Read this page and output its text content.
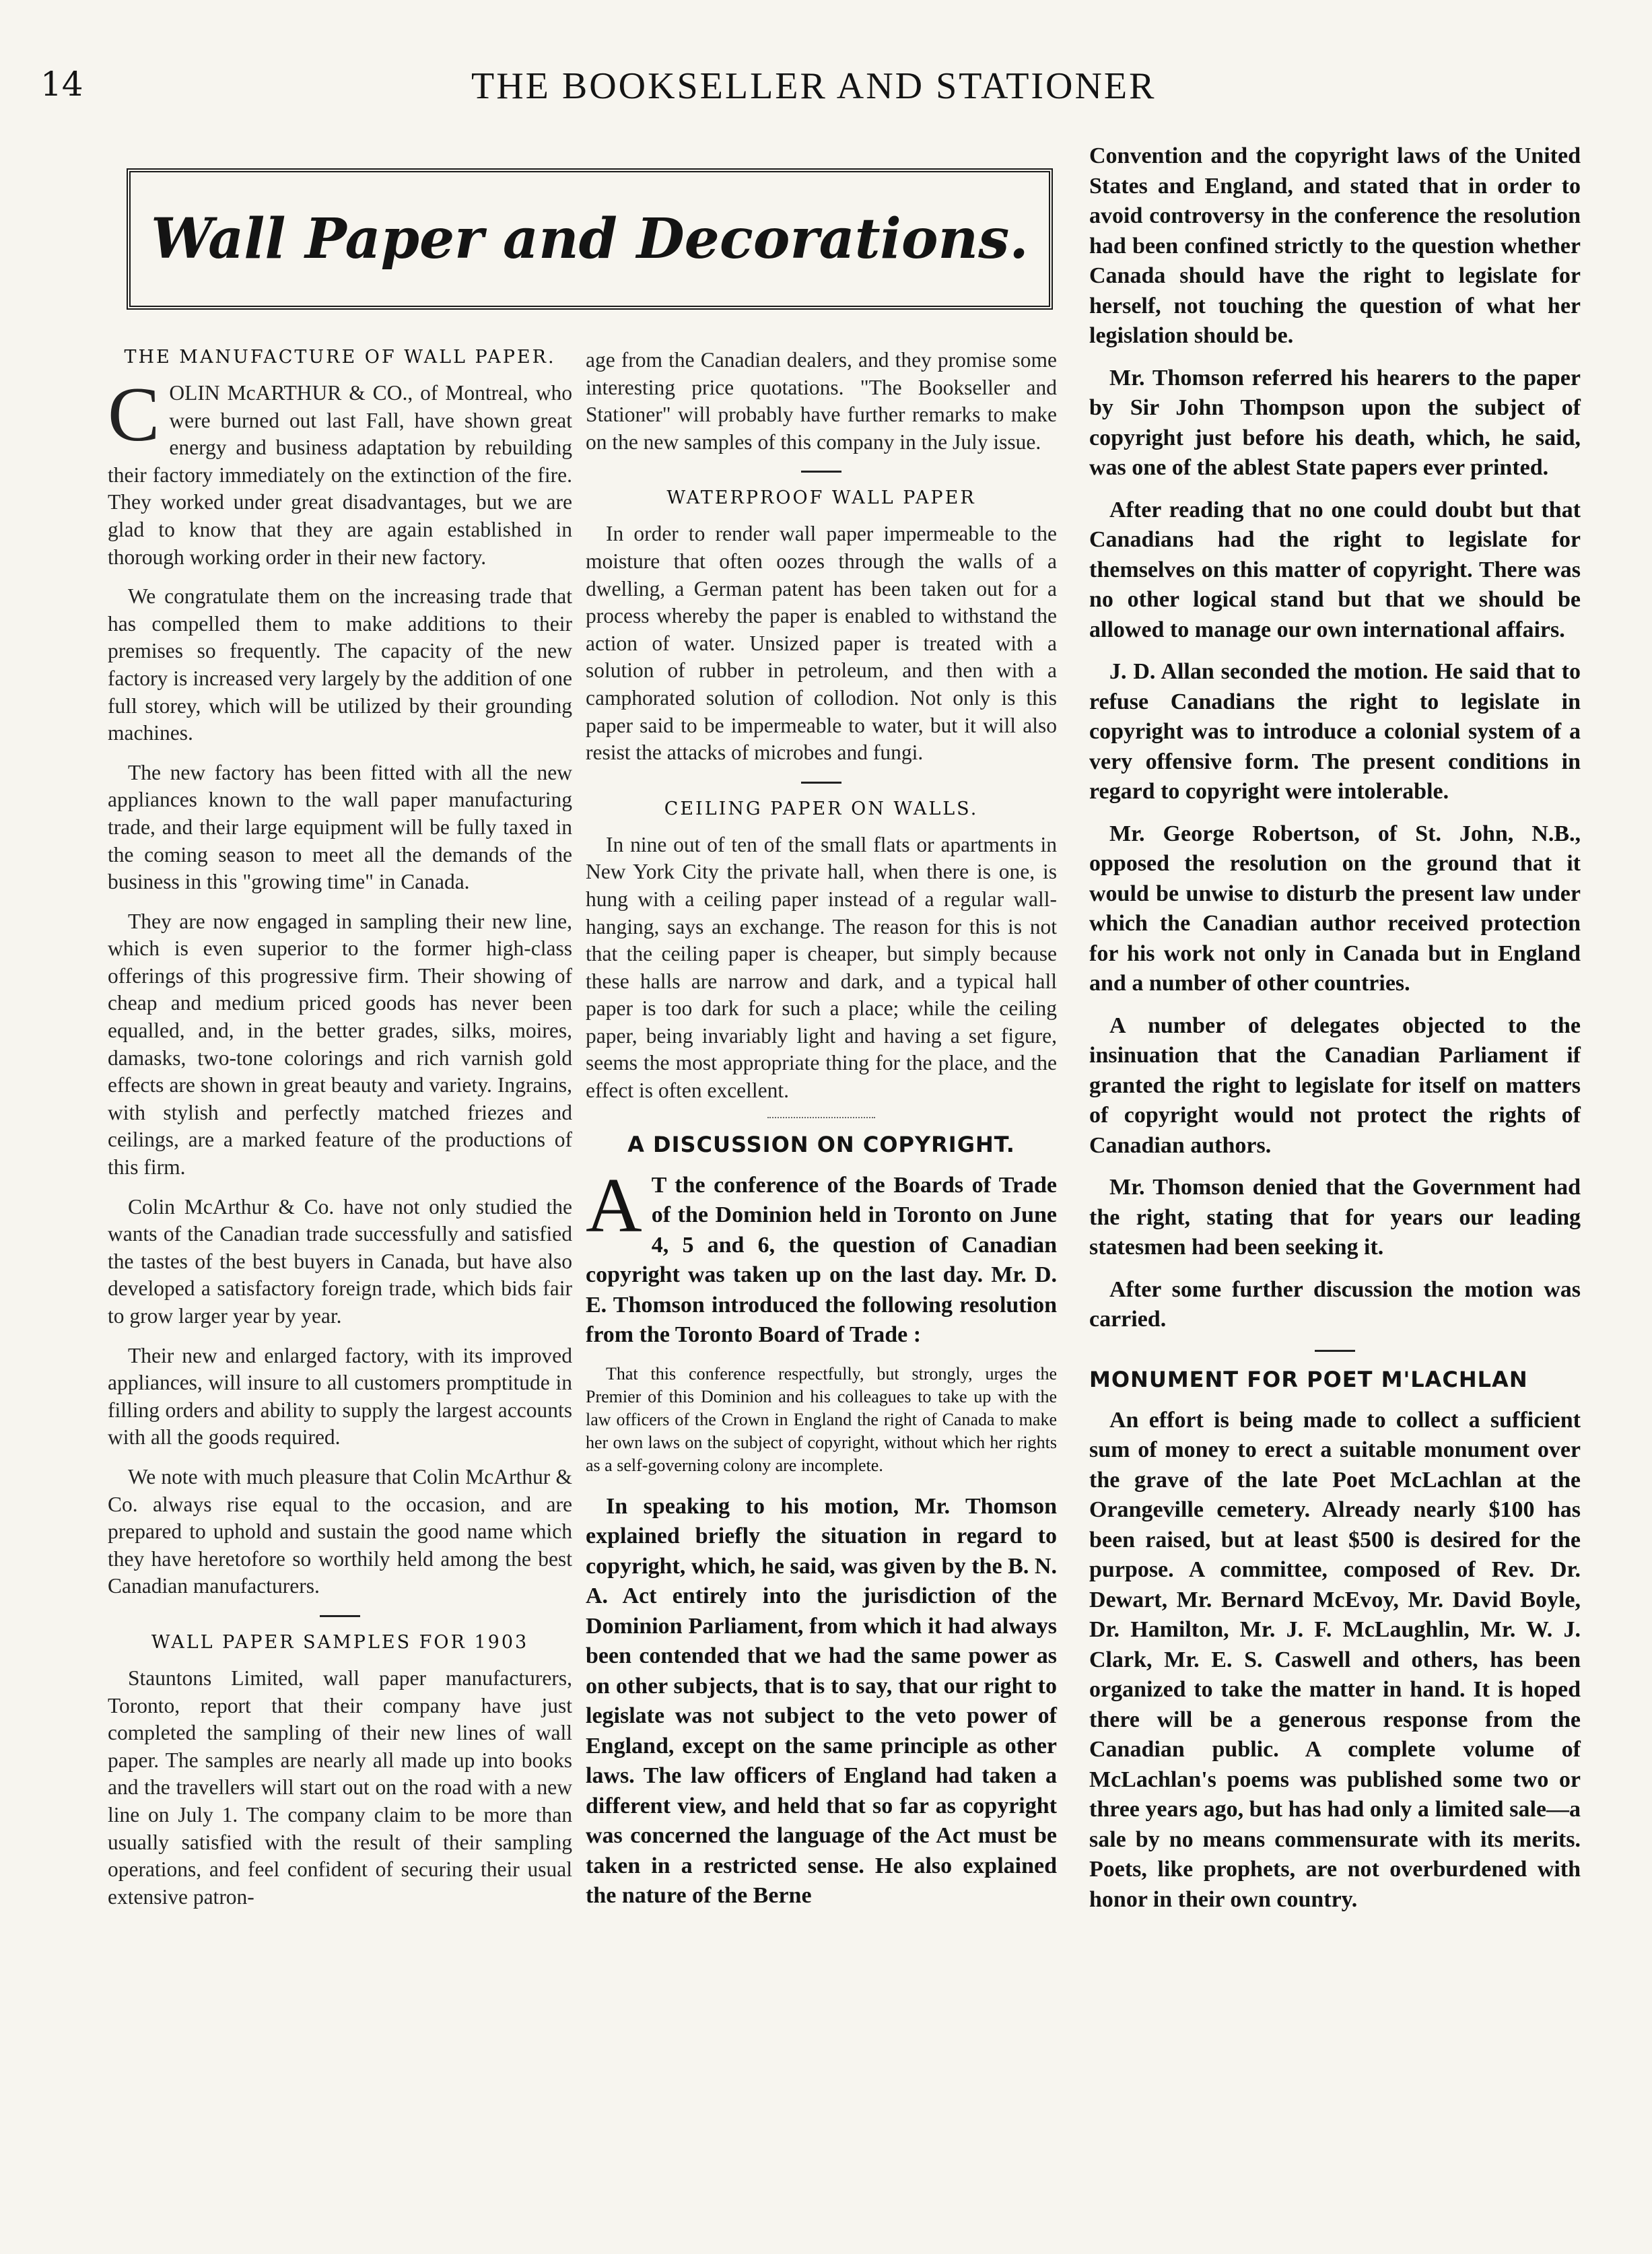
14	THE BOOKSELLER AND STATIONER
Wall Paper and Decorations.
THE MANUFACTURE OF WALL PAPER.

COLIN McARTHUR & CO., of Montreal, who were burned out last Fall, have shown great energy and business adaptation by rebuilding their factory immediately on the extinction of the fire. They worked under great disadvantages, but we are glad to know that they are again established in thorough working order in their new factory.

We congratulate them on the increasing trade that has compelled them to make additions to their premises so frequently. The capacity of the new factory is increased very largely by the addition of one full storey, which will be utilized by their grounding machines.

The new factory has been fitted with all the new appliances known to the wall paper manufacturing trade, and their large equipment will be fully taxed in the coming season to meet all the demands of the business in this "growing time" in Canada.

They are now engaged in sampling their new line, which is even superior to the former high-class offerings of this progressive firm. Their showing of cheap and medium priced goods has never been equalled, and, in the better grades, silks, moires, damasks, two-tone colorings and rich varnish gold effects are shown in great beauty and variety. Ingrains, with stylish and perfectly matched friezes and ceilings, are a marked feature of the productions of this firm.

Colin McArthur & Co. have not only studied the wants of the Canadian trade successfully and satisfied the tastes of the best buyers in Canada, but have also developed a satisfactory foreign trade, which bids fair to grow larger year by year.

Their new and enlarged factory, with its improved appliances, will insure to all customers promptitude in filling orders and ability to supply the largest accounts with all the goods required.

We note with much pleasure that Colin McArthur & Co. always rise equal to the occasion, and are prepared to uphold and sustain the good name which they have heretofore so worthily held among the best Canadian manufacturers.

WALL PAPER SAMPLES FOR 1903

Stauntons Limited, wall paper manufacturers, Toronto, report that their company have just completed the sampling of their new lines of wall paper. The samples are nearly all made up into books and the travellers will start out on the road with a new line on July 1. The company claim to be more than usually satisfied with the result of their sampling operations, and feel confident of securing their usual extensive patron-

age from the Canadian dealers, and they promise some interesting price quotations. "The Bookseller and Stationer" will probably have further remarks to make on the new samples of this company in the July issue.

WATERPROOF WALL PAPER

In order to render wall paper impermeable to the moisture that often oozes through the walls of a dwelling, a German patent has been taken out for a process whereby the paper is enabled to withstand the action of water. Unsized paper is treated with a solution of rubber in petroleum, and then with a camphorated solution of collodion. Not only is this paper said to be impermeable to water, but it will also resist the attacks of microbes and fungi.

CEILING PAPER ON WALLS.

In nine out of ten of the small flats or apartments in New York City the private hall, when there is one, is hung with a ceiling paper instead of a regular wall-hanging, says an exchange. The reason for this is not that the ceiling paper is cheaper, but simply because these halls are narrow and dark, and a typical hall paper is too dark for such a place; while the ceiling paper, being invariably light and having a set figure, seems the most appropriate thing for the place, and the effect is often excellent.

A DISCUSSION ON COPYRIGHT.

A T the conference of the Boards of Trade of the Dominion held in Toronto on June 4, 5 and 6, the question of Canadian copyright was taken up on the last day. Mr. D. E. Thomson introduced the following resolution from the Toronto Board of Trade :

That this conference respectfully, but strongly, urges the Premier of this Dominion and his colleagues to take up with the law officers of the Crown in England the right of Canada to make her own laws on the subject of copyright, without which her rights as a self-governing colony are incomplete.

In speaking to his motion, Mr. Thomson explained briefly the situation in regard to copyright, which, he said, was given by the B. N. A. Act entirely into the jurisdiction of the Dominion Parliament, from which it had always been contended that we had the same power as on other subjects, that is to say, that our right to legislate was not subject to the veto power of England, except on the same principle as other laws. The law officers of England had taken a different view, and held that so far as copyright was concerned the language of the Act must be taken in a restricted sense. He also explained the nature of the Berne

Convention and the copyright laws of the United States and England, and stated that in order to avoid controversy in the conference the resolution had been confined strictly to the question whether Canada should have the right to legislate for herself, not touching the question of what her legislation should be.

Mr. Thomson referred his hearers to the paper by Sir John Thompson upon the subject of copyright just before his death, which, he said, was one of the ablest State papers ever printed.

After reading that no one could doubt but that Canadians had the right to legislate for themselves on this matter of copyright. There was no other logical stand but that we should be allowed to manage our own international affairs.

J. D. Allan seconded the motion. He said that to refuse Canadians the right to legislate in copyright was to introduce a colonial system of a very offensive form. The present conditions in regard to copyright were intolerable.

Mr. George Robertson, of St. John, N.B., opposed the resolution on the ground that it would be unwise to disturb the present law under which the Canadian author received protection for his work not only in Canada but in England and a number of other countries.

A number of delegates objected to the insinuation that the Canadian Parliament if granted the right to legislate for itself on matters of copyright would not protect the rights of Canadian authors.

Mr. Thomson denied that the Government had the right, stating that for years our leading statesmen had been seeking it.

After some further discussion the motion was carried.

MONUMENT FOR POET M'LACHLAN

An effort is being made to collect a sufficient sum of money to erect a suitable monument over the grave of the late Poet McLachlan at the Orangeville cemetery. Already nearly $100 has been raised, but at least $500 is desired for the purpose. A committee, composed of Rev. Dr. Dewart, Mr. Bernard McEvoy, Mr. David Boyle, Dr. Hamilton, Mr. J. F. McLaughlin, Mr. W. J. Clark, Mr. E. S. Caswell and others, has been organized to take the matter in hand. It is hoped there will be a generous response from the Canadian public. A complete volume of McLachlan's poems was published some two or three years ago, but has had only a limited sale—a sale by no means commensurate with its merits. Poets, like prophets, are not overburdened with honor in their own country.
